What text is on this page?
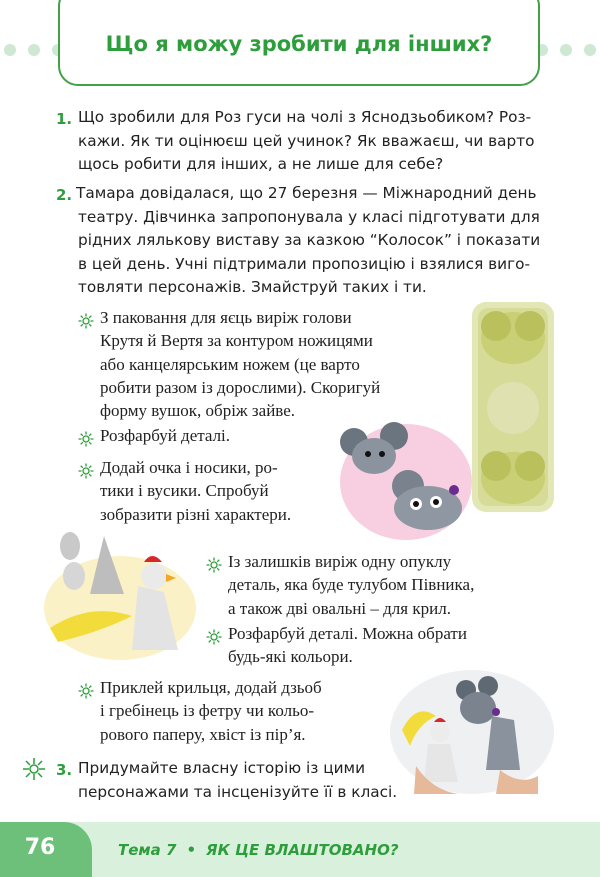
Що я можу зробити для інших?
1. Що зробили для Роз гуси на чолі з Яснодзьобиком? Роз-
кажи. Як ти оцінюєш цей учинок? Як вважаєш, чи варто
щось робити для інших, а не лише для себе?
2. Тамара довідалася, що 27 березня — Міжнародний день
театру. Дівчинка запропонувала у класі підготувати для
рідних лялькову виставу за казкою “Колосок” і показати
в цей день. Учні підтримали пропозицію і взялися виго-
товляти персонажів. Змайструй таких і ти.
З паковання для яєць виріж голови
Крутя й Вертя за контуром ножицями
або канцелярським ножем (це варто
робити разом із дорослими). Скоригуй
форму вушок, обріж зайве.
Розфарбуй деталі.
Додай очка і носики, ро-
тики і вусики. Спробуй
зобразити різні характери.
Із залишків виріж одну опуклу
деталь, яка буде тулубом Півника,
а також дві овальні – для крил.
Розфарбуй деталі. Можна обрати
будь-які кольори.
Приклей крильця, додай дзьоб
і гребінець із фетру чи кольо-
рового паперу, хвіст із пір’я.
3. Придумайте власну історію із цими
персонажами та інсценізуйте її в класі.
76	Тема 7 • ЯК ЦЕ ВЛАШТОВАНО?
